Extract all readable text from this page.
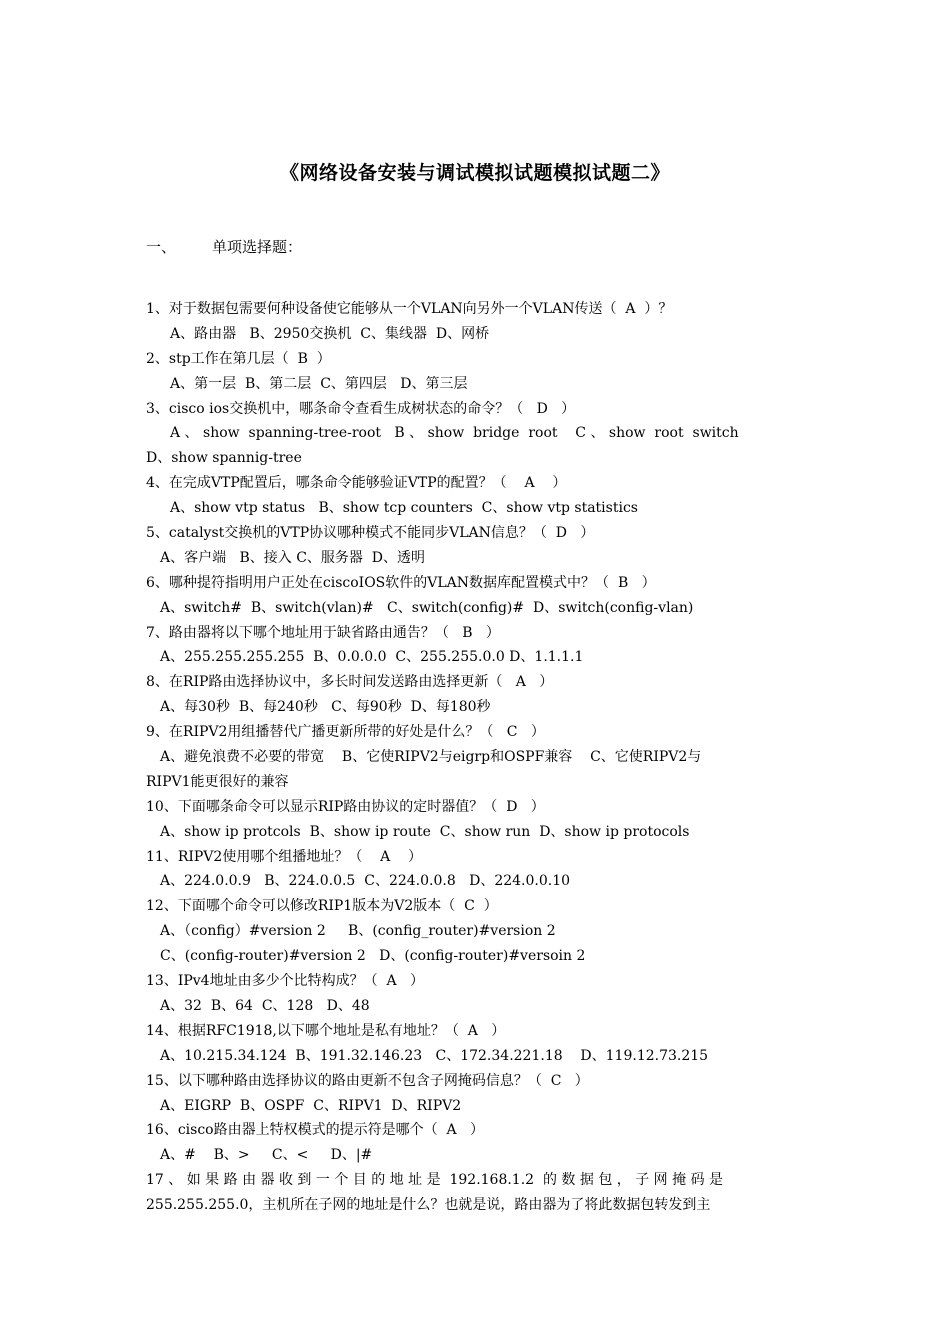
《网络设备安装与调试模拟试题模拟试题二》
一、 单项选择题：
1、对于数据包需要何种设备使它能够从一个VLAN向另外一个VLAN传送（  A  ）？
A、路由器   B、2950交换机  C、集线器  D、网桥
2、stp工作在第几层（  B  ）
A、第一层  B、第二层  C、第四层   D、第三层
3、cisco ios交换机中，哪条命令查看生成树状态的命令？（   D   ）
A 、 show  spanning-tree-root   B 、 show  bridge  root    C 、 show  root  switch
D、show spannig-tree
4、在完成VTP配置后，哪条命令能够验证VTP的配置？（    A    ）
A、show vtp status   B、show tcp counters  C、show vtp statistics
5、catalyst交换机的VTP协议哪种模式不能同步VLAN信息？（  D   ）
A、客户端   B、接入 C、服务器  D、透明
6、哪种提符指明用户正处在ciscoIOS软件的VLAN数据库配置模式中？（  B   ）
A、switch#  B、switch(vlan)#   C、switch(config)#  D、switch(config-vlan)
7、路由器将以下哪个地址用于缺省路由通告？（   B   ）
A、255.255.255.255  B、0.0.0.0  C、255.255.0.0 D、1.1.1.1
8、在RIP路由选择协议中，多长时间发送路由选择更新（   A   ）
A、每30秒  B、每240秒   C、每90秒  D、每180秒
9、在RIPV2用组播替代广播更新所带的好处是什么？（   C   ）
A、避免浪费不必要的带宽    B、它使RIPV2与eigrp和OSPF兼容    C、它使RIPV2与
RIPV1能更很好的兼容
10、下面哪条命令可以显示RIP路由协议的定时器值？（  D   ）
A、show ip protcols  B、show ip route  C、show run  D、show ip protocols
11、RIPV2使用哪个组播地址？（    A    ）
A、224.0.0.9   B、224.0.0.5  C、224.0.0.8   D、224.0.0.10
12、下面哪个命令可以修改RIP1版本为V2版本（  C  ）
A、（config）#version 2     B、(config_router)#version 2
C、(config-router)#version 2   D、(config-router)#versoin 2
13、IPv4地址由多少个比特构成？（  A   ）
A、32  B、64  C、128   D、48
14、根据RFC1918,以下哪个地址是私有地址？（  A   ）
A、10.215.34.124  B、191.32.146.23   C、172.34.221.18    D、119.12.73.215
15、以下哪种路由选择协议的路由更新不包含子网掩码信息？（  C   ）
A、EIGRP  B、OSPF  C、RIPV1  D、RIPV2
16、cisco路由器上特权模式的提示符是哪个（  A   ）
A、#    B、>     C、<     D、|#
17 、 如 果 路 由 器 收 到 一 个 目 的 地 址 是  192.168.1.2  的 数 据 包 ， 子 网 掩 码 是
255.255.255.0，主机所在子网的地址是什么？也就是说，路由器为了将此数据包转发到主
